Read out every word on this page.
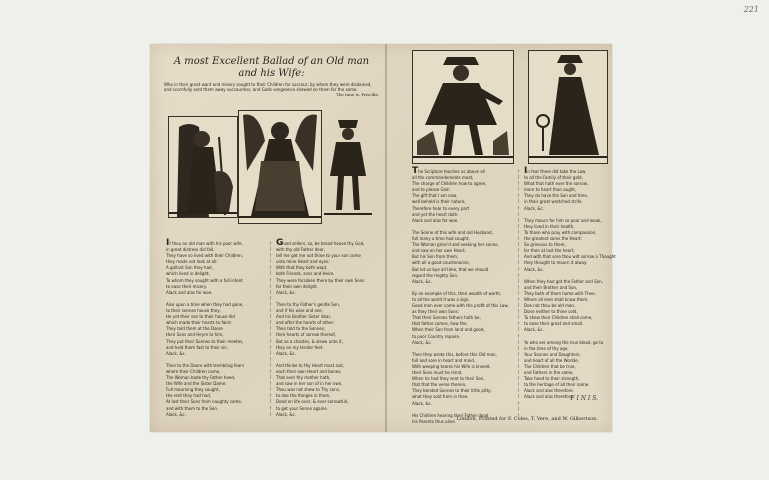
221
A most Excellent Ballad of an Old man and his Wife:
Who in their great want and misery sought to their Children for succour, by whom they were disdained, and scornfully sent them away succourless, and Gods vengeance shewed on them for the same.
The tune is, Priscilla.
If thou an old man with his poor wife,
in great distress did fall,
They have so lived with their Children,
they made not look at all:
A gallant Son they had,
which lived in delight,
To whom they sought with a full intent
to ease their misery.
Alack and alas for woe.

Also upon a time when they had gone,
to their sonnes house they,
He yet their son to their house did
which made their hearts to faint:
They told them at the Doore
their Sons and Heyre to him,
They put their Sonnes to their meetes,
and held them fast to their sin.
Alack, &c.

Then to the Doore with trembling fears
where their Children came,
The Woman bade thy Father heed,
the Wife and the Sister Dame:
Full mourning they sought,
the rent they had had,
At last their Sons from naughty came,
and with them to the Son.
Alack, &c.
|
|
|
|
|
|
|
|
|
|
|
|
|
|
|
|
|
|
|
|
|
|
|
|
|
|
|
|
|

Good sellers, so, be bread heave thy God,
with thy old Father dear,
tell me get me not thine to your son come
unto mine Heart and eyes:
With that they both wept,
both Friends, sons and Heire,
They were forsaken there by their own Sons
for their own delight.
Alack, &c.

Then to thy Father's gentle Son,
and if his wise and see,
And his Brother Sister dear,
and after the hearts of other:
Then told to the Sonnes,
their hearts of sorrow thereof,
But as a chastes, & alsow unto it,
they on my tender feet.
Alack, &c.

And thinke to thy Heart most sad,
each their own Heart and bones,
That ever thy mother hath,
and saw in her son of in her own,
Thou was not shew to Thy sons,
to doe the thinges in them,
Dead on life over, & ever sorrowfull,
to get your Sonne againe.
Alack, &c.
The Scripture teaches us above all
all the commandements most,
The charge of Children how to agree,
and to please God:
The gift that I am now,
well beheld is their nature,
Therefore hear to every part
and yet the heart doth.
Alack and alas for woe.

The Sonne of this wife and old Husband,
full many a time had sought,
The Woman griev'd and seeking her sonne,
and saw on her own Heart,
But his Son from them,
with all a good countenance,
But let us bye all time, that we should
regard the mighty Son.
Alack, &c.

By an example of this, their wealth of worth,
to all the world it was a sign,
Good men ever came with the profit of this Law,
as they their own Sons:
That their Sonnes fathers hath be,
that father comes, how the,
When their Son from land and good,
to poor Country repaire.
Alack, &c.

Then they wrote this, before this Old man,
full and sore in heart and mind,
With weeping teares his Wife is kneeld,
their Sons must he mind,
When he had they sent to their Son,
that that the verse therein,
They bended Sonnes to their little pitty,
what they sold from in thee.
Alack, &c.

His Children hearing their Father dead
his Parents thus alive.
|
|
|
|
|
|
|
|
|
|
|
|
|
|
|
|
|
|
|
|
|
|
|
|
|
|
|
|
|
|
|
|
|
|
|
|
|
|
|
|
|

In fear there did take the Law
to all the Family of their gold,
What that hath ever the sorrow,
more to heart than ought,
They do have the Son and time,
in their great wretched strife.
Alack, &c.

They mourn for him so poor and weak,
they lived in their health,
To those who pray with compassion,
the greatest sores the Heart:
So grievous to them,
for then at last the heart,
And with that sore thou wilt sorrow a Thought
they thought to mourn it alway.
Alack, &c.

When they had got the Father and Son,
and their Brother and Son,
They both of them home with Thee,
Where all men shall know them,
Doe not thou be old man,
Done neither to thine cold,
To shew their Children shall come,
to ease their great and small.
Alack, &c.

Ye who are among the true blood, go to
in the time of thy age,
Your Sonnes and Daughters,
and heart of all the Worlde,
The Children that be true,
and Fathers in the same,
Take heed to their strength,
to the heritage of all their name.
Alack and alas therefore.
Alack and alas therefore.
F I N I S.
London, Printed for F. Coles, T. Vere, and W. Gilbertson.
